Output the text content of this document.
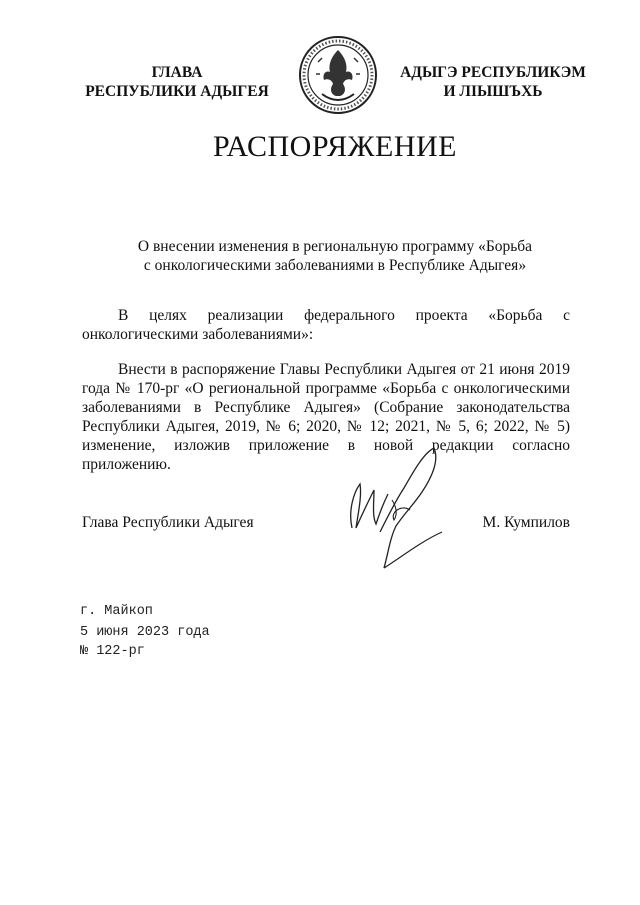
ГЛАВА
РЕСПУБЛИКИ АДЫГЕЯ
АДЫГЭ РЕСПУБЛИКЭМ
И ЛІЫШЪХЬ
РАСПОРЯЖЕНИЕ
О внесении изменения в региональную программу «Борьба
с онкологическими заболеваниями в Республике Адыгея»
В целях реализации федерального проекта «Борьба с онкологическими заболеваниями»:
Внести в распоряжение Главы Республики Адыгея от 21 июня 2019 года № 170-рг «О региональной программе «Борьба с онкологическими заболеваниями в Республике Адыгея» (Собрание законодательства Республики Адыгея, 2019, № 6; 2020, № 12; 2021, № 5, 6; 2022, № 5) изменение, изложив приложение в новой редакции согласно приложению.
Глава Республики Адыгея	М. Кумпилов
г. Майкоп
5 июня 2023 года
№ 122-рг
